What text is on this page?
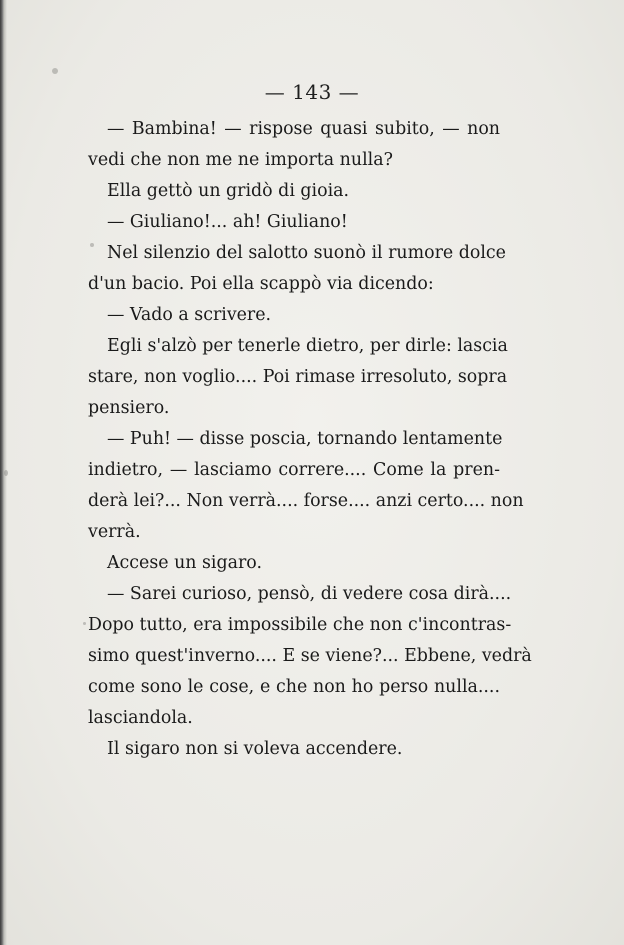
— 143 —
— Bambina! — rispose quasi subito, — non
vedi che non me ne importa nulla?
Ella gettò un gridò di gioia.
— Giuliano!... ah! Giuliano!
Nel silenzio del salotto suonò il rumore dolce
d'un bacio. Poi ella scappò via dicendo:
— Vado a scrivere.
Egli s'alzò per tenerle dietro, per dirle: lascia
stare, non voglio.... Poi rimase irresoluto, sopra
pensiero.
— Puh! — disse poscia, tornando lentamente
indietro, — lasciamo correre.... Come la pren-
derà lei?... Non verrà.... forse.... anzi certo.... non
verrà.
Accese un sigaro.
— Sarei curioso, pensò, di vedere cosa dirà....
Dopo tutto, era impossibile che non c'incontras-
simo quest'inverno.... E se viene?... Ebbene, vedrà
come sono le cose, e che non ho perso nulla....
lasciandola.
Il sigaro non si voleva accendere.
